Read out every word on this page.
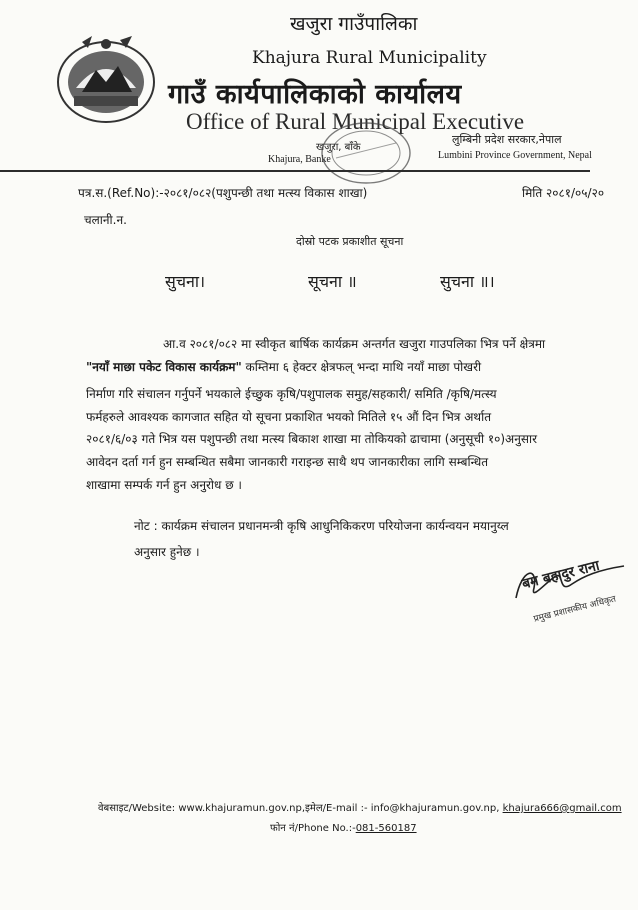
खजुरा गाउँपालिका
Khajura Rural Municipality
गाउँ कार्यपालिकाको कार्यालय
Office of Rural Municipal Executive
खजुरा, बाँके
लुम्बिनी प्रदेश सरकार,नेपाल
Khajura, Banke	Lumbini Province Government, Nepal
पत्र.स.(Ref.No):-२०८१/०८२(पशुपन्छी तथा मत्स्य विकास शाखा)	मिति २०८१/०५/२०
चलानी.न.
दोस्रो पटक प्रकाशीत सूचना
सुचना।	सूचना ॥	सुचना ॥।
आ.व २०८१/०८२ मा स्वीकृत बार्षिक कार्यक्रम अन्तर्गत खजुरा गाउपलिका भित्र पर्ने क्षेत्रमा
"नयाँ माछा पकेट विकास कार्यक्रम" कम्तिमा ६ हेक्टर क्षेत्रफल् भन्दा माथि नयाँ माछा पोखरी
निर्माण गरि संचालन गर्नुपर्ने भयकाले ईच्छुक कृषि/पशुपालक समुह/सहकारी/ समिति /कृषि/मत्स्य
फर्महरुले आवश्यक कागजात सहित यो सूचना प्रकाशित भयको मितिले १५ औं दिन भित्र अर्थात
२०८१/६/०३ गते भित्र यस पशुपन्छी तथा मत्स्य बिकाश शाखा मा तोकियको ढाचामा (अनुसूची १०)अनुसार
आवेदन दर्ता गर्न हुन सम्बन्धित सबैमा जानकारी गराइन्छ साथै थप जानकारीका लागि सम्बन्धित
शाखामा सम्पर्क गर्न हुन अनुरोध छ ।
नोट : कार्यक्रम संचालन प्रधानमन्त्री कृषि आधुनिकिकरण परियोजना कार्यन्वयन मयानुय्ल
अनुसार हुनेछ ।
बम बहादुर राना
प्रमुख प्रशासकीय अधिकृत
वेबसाइट/Website: www.khajuramun.gov.np,इमेल/E-mail :- info@khajuramun.gov.np, khajura666@gmail.com
फोन नं/Phone No.:-081-560187
